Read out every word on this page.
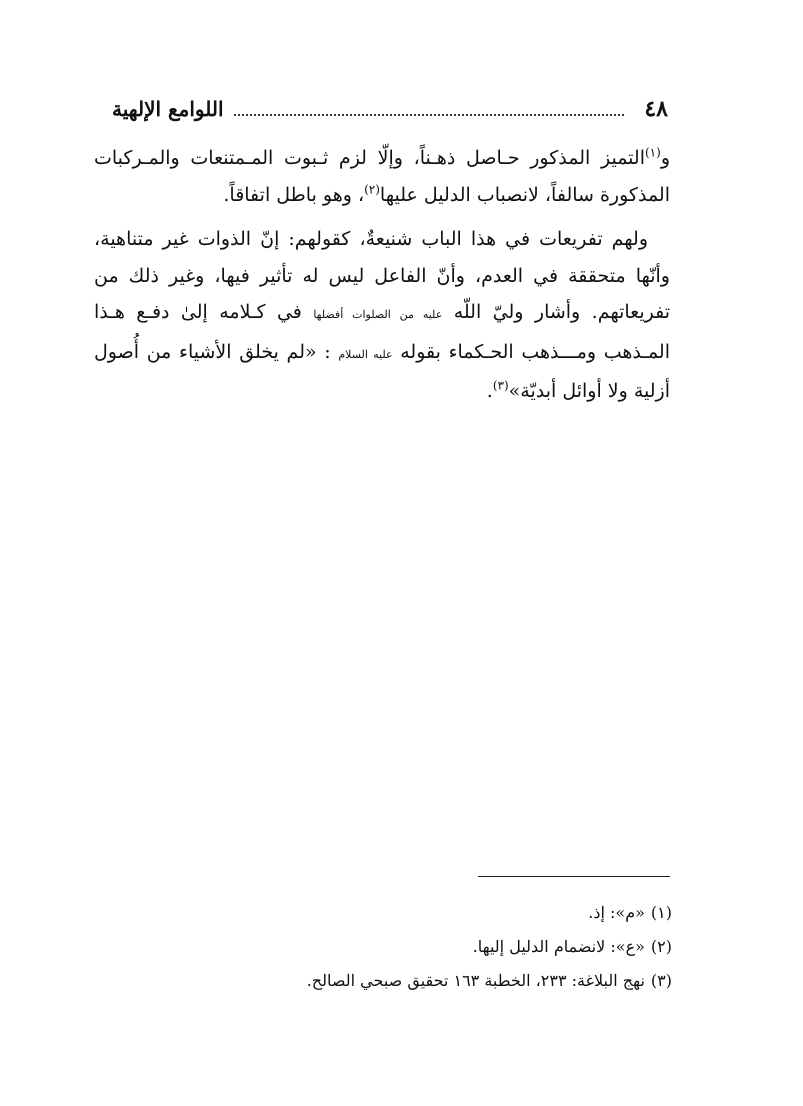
٤٨
اللوامع الإلهية

و$^{(١)}$التميز المذكور حـاصل ذهـناً، وإلّا لزم ثـبوت المـمتنعات والمـركبات المذكورة سالفاً، لانصباب الدليل عليها$^{(٢)}$، وهو باطل اتفاقاً.

ولهم تفريعات في هذا الباب شنيعةٌ، كقولهم: إنّ الذوات غير متناهية، وأنّها متحققة في العدم، وأنّ الفاعل ليس له تأثير فيها، وغير ذلك من تفريعاتهم. وأشار وليّ اللّه عليه من الصلوات أفضلها في كـلامه إلىٰ دفـع هـذا المـذهب ومـــذهب الحـكماء بقوله عليه السلام : «لم يخلق الأشياء من أُصول أزلية ولا أوائل أبديّة»$^{(٣)}$.

(١)«م»: إذ.
(٢)«ع»: لانضمام الدليل إليها.
(٣)نهج البلاغة: ٢٣٣، الخطبة ١٦٣ تحقيق صبحي الصالح.
